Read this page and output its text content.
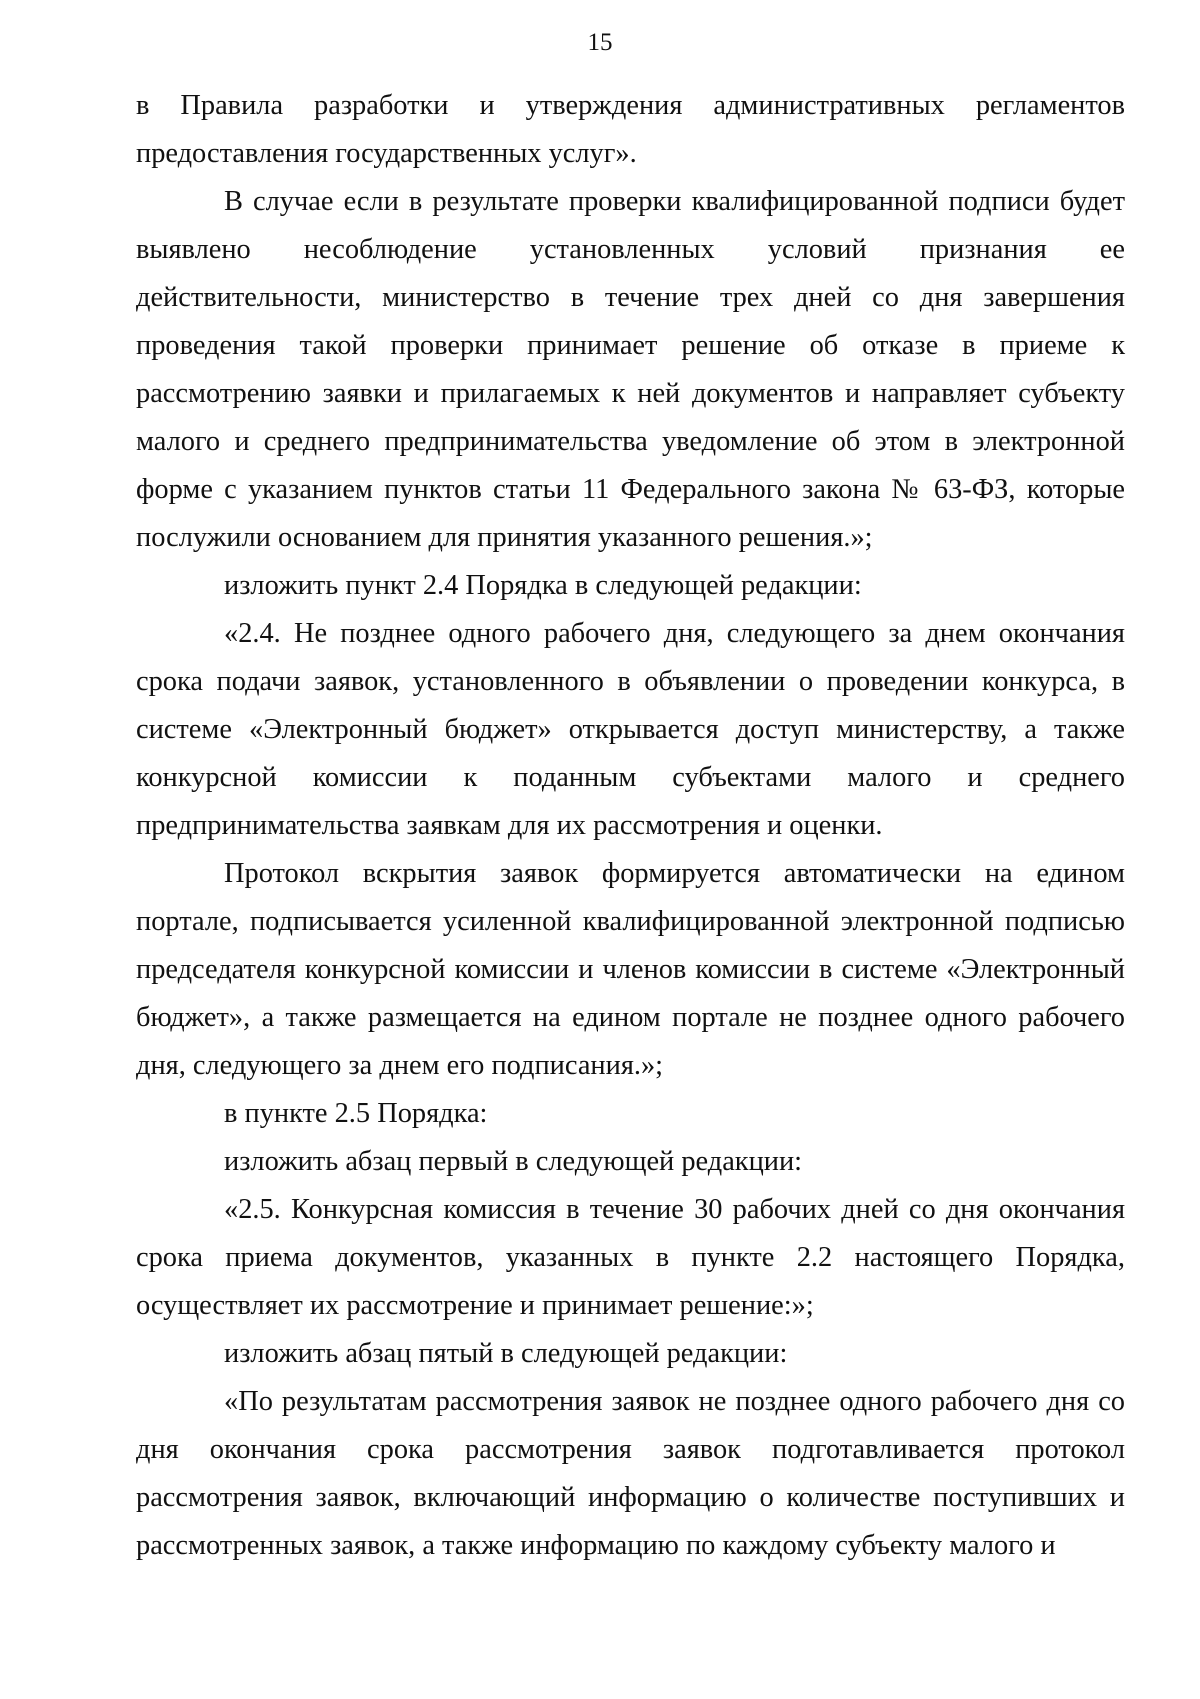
15

в Правила разработки и утверждения административных регламентов предоставления государственных услуг».

В случае если в результате проверки квалифицированной подписи будет выявлено несоблюдение установленных условий признания ее действительности, министерство в течение трех дней со дня завершения проведения такой проверки принимает решение об отказе в приеме к рассмотрению заявки и прилагаемых к ней документов и направляет субъекту малого и среднего предпринимательства уведомление об этом в электронной форме с указанием пунктов статьи 11 Федерального закона № 63-ФЗ, которые послужили основанием для принятия указанного решения.»;

изложить пункт 2.4 Порядка в следующей редакции:

«2.4. Не позднее одного рабочего дня, следующего за днем окончания срока подачи заявок, установленного в объявлении о проведении конкурса, в системе «Электронный бюджет» открывается доступ министерству, а также конкурсной комиссии к поданным субъектами малого и среднего предпринимательства заявкам для их рассмотрения и оценки.

Протокол вскрытия заявок формируется автоматически на едином портале, подписывается усиленной квалифицированной электронной подписью председателя конкурсной комиссии и членов комиссии в системе «Электронный бюджет», а также размещается на едином портале не позднее одного рабочего дня, следующего за днем его подписания.»;

в пункте 2.5 Порядка:

изложить абзац первый в следующей редакции:

«2.5. Конкурсная комиссия в течение 30 рабочих дней со дня окончания срока приема документов, указанных в пункте 2.2 настоящего Порядка, осуществляет их рассмотрение и принимает решение:»;

изложить абзац пятый в следующей редакции:

«По результатам рассмотрения заявок не позднее одного рабочего дня со дня окончания срока рассмотрения заявок подготавливается протокол рассмотрения заявок, включающий информацию о количестве поступивших и рассмотренных заявок, а также информацию по каждому субъекту малого и
